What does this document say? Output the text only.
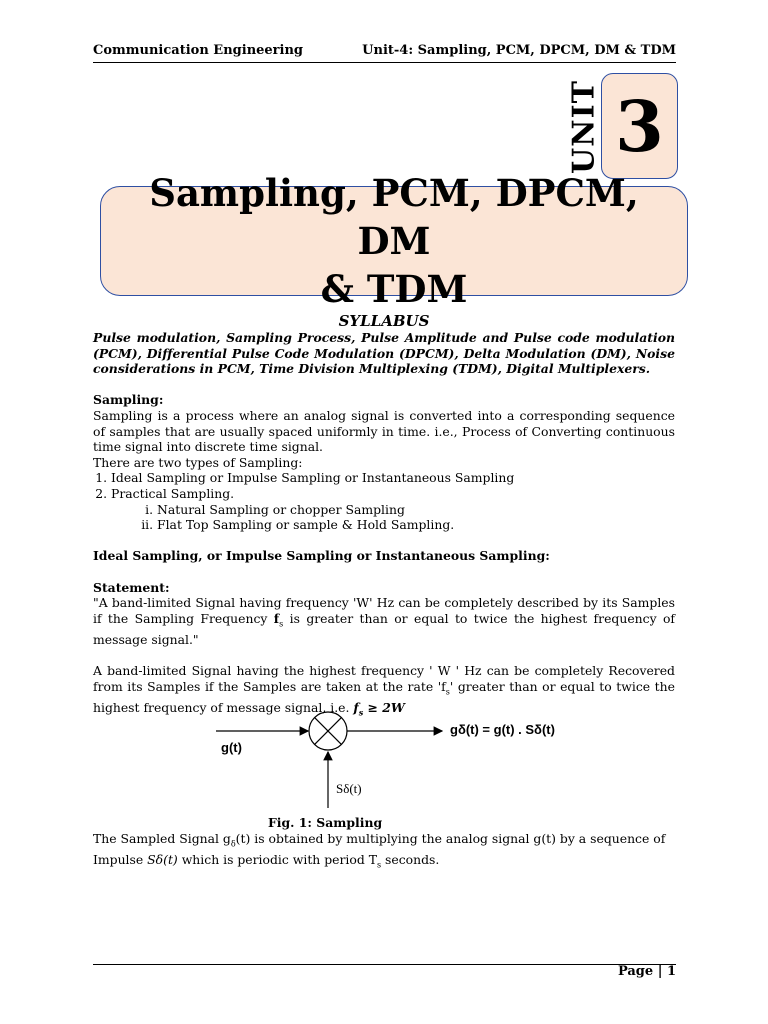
Communication Engineering	Unit-4: Sampling, PCM, DPCM, DM & TDM
UNIT 3
Sampling, PCM, DPCM, DM
& TDM

SYLLABUS

Pulse modulation, Sampling Process, Pulse Amplitude and Pulse code modulation (PCM), Differential Pulse Code Modulation (DPCM), Delta Modulation (DM), Noise considerations in PCM, Time Division Multiplexing (TDM), Digital Multiplexers.

Sampling:

Sampling is a process where an analog signal is converted into a corresponding sequence of samples that are usually spaced uniformly in time. i.e., Process of Converting continuous time signal into discrete time signal.

There are two types of Sampling:

1. Ideal Sampling or Impulse Sampling or Instantaneous Sampling
2. Practical Sampling.
i. Natural Sampling or chopper Sampling
ii. Flat Top Sampling or sample & Hold Sampling.

Ideal Sampling, or Impulse Sampling or Instantaneous Sampling:

Statement:

"A band-limited Signal having frequency 'W' Hz can be completely described by its Samples if the Sampling Frequency $f_s$ is greater than or equal to twice the highest frequency of message signal."

A band-limited Signal having the highest frequency ' W ' Hz can be completely Recovered from its Samples if the Samples are taken at the rate '$f_s$' greater than or equal to twice the highest frequency of message signal, i.e. $f_s \ge 2W$

g(t)
gδ(t) = g(t) . Sδ(t)
Sδ(t)

Fig. 1: Sampling

The Sampled Signal $g_\delta(t)$ is obtained by multiplying the analog signal g(t) by a sequence of Impulse Sδ(t) which is periodic with period $T_s$ seconds.

Page | 1
